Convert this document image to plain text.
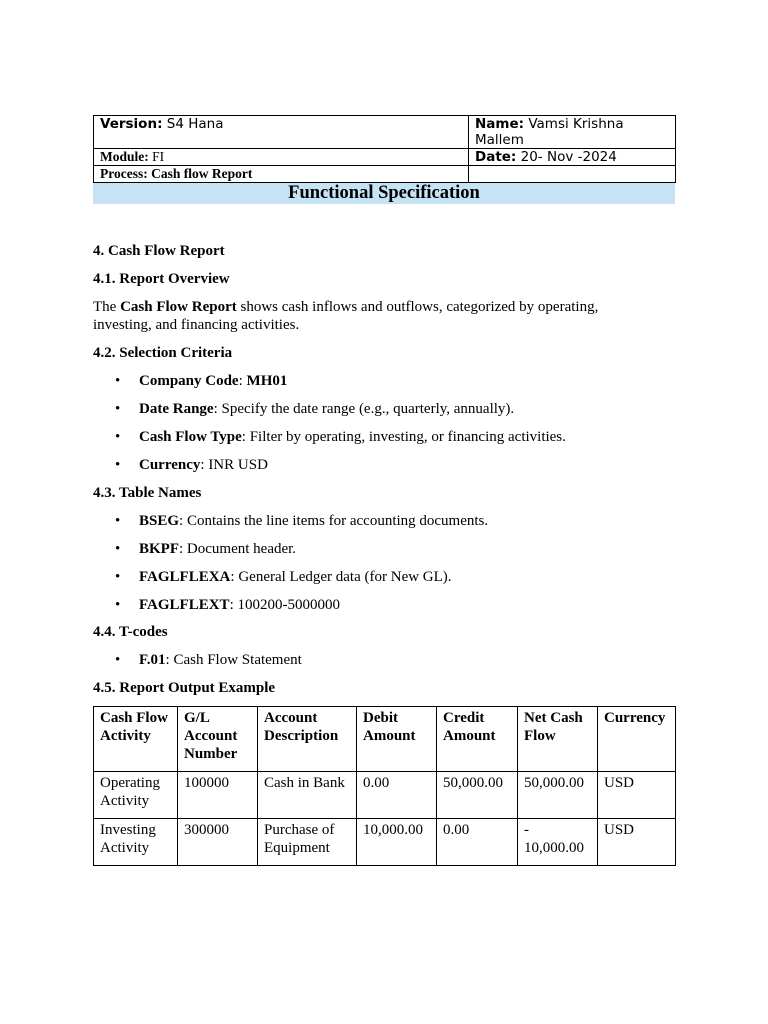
Version: S4 Hana	Name: Vamsi Krishna Mallem
Module: FI	Date: 20- Nov -2024
Process: Cash flow Report	
Functional Specification
4. Cash Flow Report
4.1. Report Overview
The Cash Flow Report shows cash inflows and outflows, categorized by operating, investing, and financing activities.
4.2. Selection Criteria
• Company Code: MH01
• Date Range: Specify the date range (e.g., quarterly, annually).
• Cash Flow Type: Filter by operating, investing, or financing activities.
• Currency: INR USD
4.3. Table Names
• BSEG: Contains the line items for accounting documents.
• BKPF: Document header.
• FAGLFLEXA: General Ledger data (for New GL).
• FAGLFLEXT: 100200-5000000
4.4. T-codes
• F.01: Cash Flow Statement
4.5. Report Output Example
Cash Flow Activity	G/L Account Number	Account Description	Debit Amount	Credit Amount	Net Cash Flow	Currency
Operating Activity	100000	Cash in Bank	0.00	50,000.00	50,000.00	USD
Investing Activity	300000	Purchase of Equipment	10,000.00	0.00	- 10,000.00	USD
